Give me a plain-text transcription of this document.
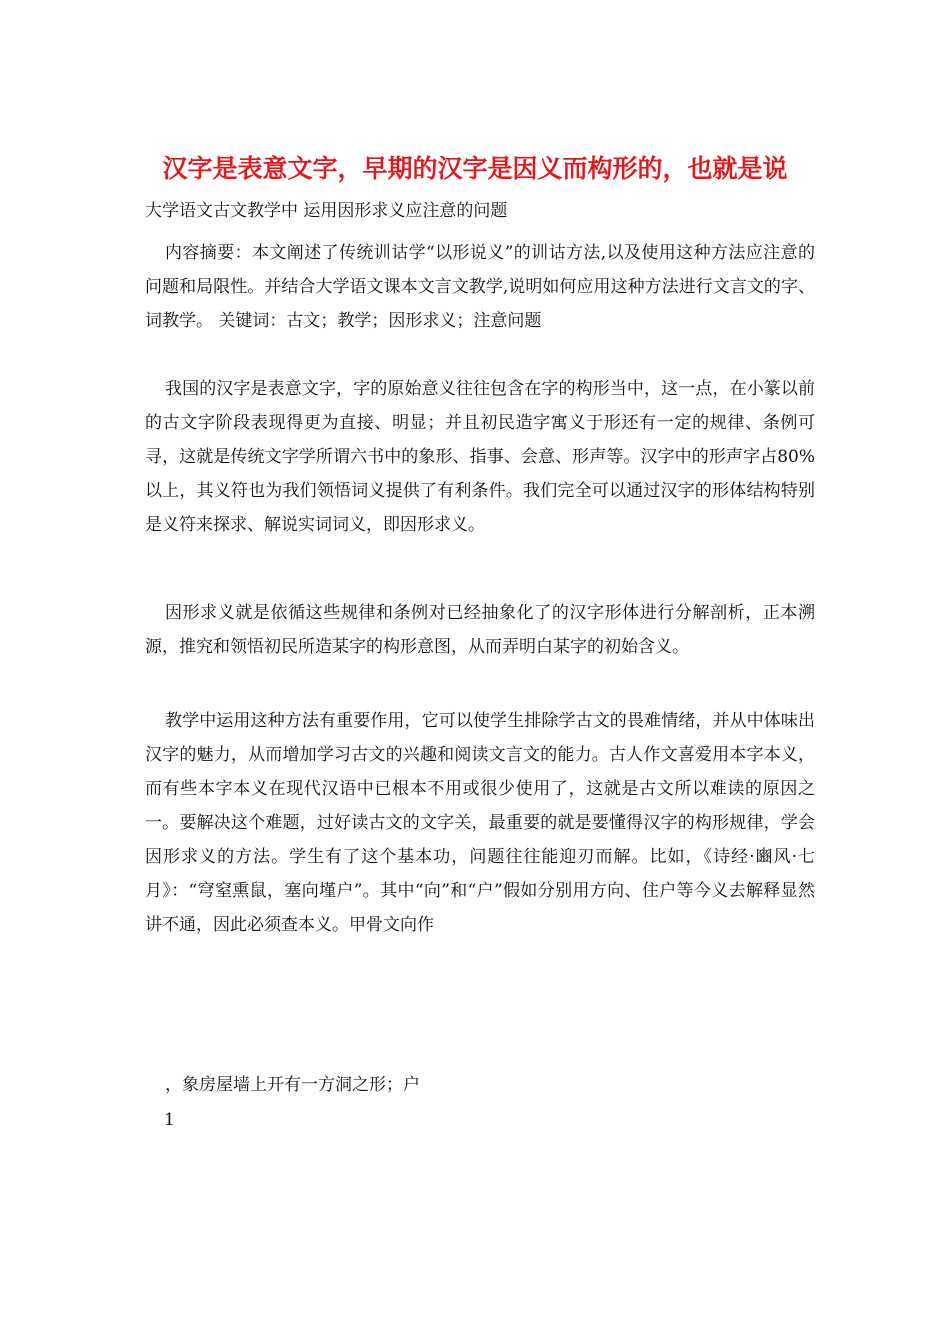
汉字是表意文字，早期的汉字是因义而构形的，也就是说
大学语文古文教学中 运用因形求义应注意的问题

内容摘要：本文阐述了传统训诂学“以形说义”的训诂方法,以及使用这种方法应注意的问题和局限性。并结合大学语文课本文言文教学,说明如何应用这种方法进行文言文的字、词教学。 关键词：古文；教学；因形求义；注意问题

我国的汉字是表意文字，字的原始意义往往包含在字的构形当中，这一点，在小篆以前的古文字阶段表现得更为直接、明显；并且初民造字寓义于形还有一定的规律、条例可寻，这就是传统文字学所谓六书中的象形、指事、会意、形声等。汉字中的形声字占80%以上，其义符也为我们领悟词义提供了有利条件。我们完全可以通过汉字的形体结构特别是义符来探求、解说实词词义，即因形求义。

因形求义就是依循这些规律和条例对已经抽象化了的汉字形体进行分解剖析，正本溯源，推究和领悟初民所造某字的构形意图，从而弄明白某字的初始含义。

教学中运用这种方法有重要作用，它可以使学生排除学古文的畏难情绪，并从中体味出汉字的魅力，从而增加学习古文的兴趣和阅读文言文的能力。古人作文喜爱用本字本义，而有些本字本义在现代汉语中已根本不用或很少使用了，这就是古文所以难读的原因之一。要解决这个难题，过好读古文的文字关，最重要的就是要懂得汉字的构形规律，学会因形求义的方法。学生有了这个基本功，问题往往能迎刃而解。比如，《诗经·豳风·七月》：“穹窒熏鼠，塞向墐户”。其中“向”和“户”假如分别用方向、住户等今义去解释显然讲不通，因此必须查本义。甲骨文向作

，象房屋墙上开有一方洞之形；户

1
